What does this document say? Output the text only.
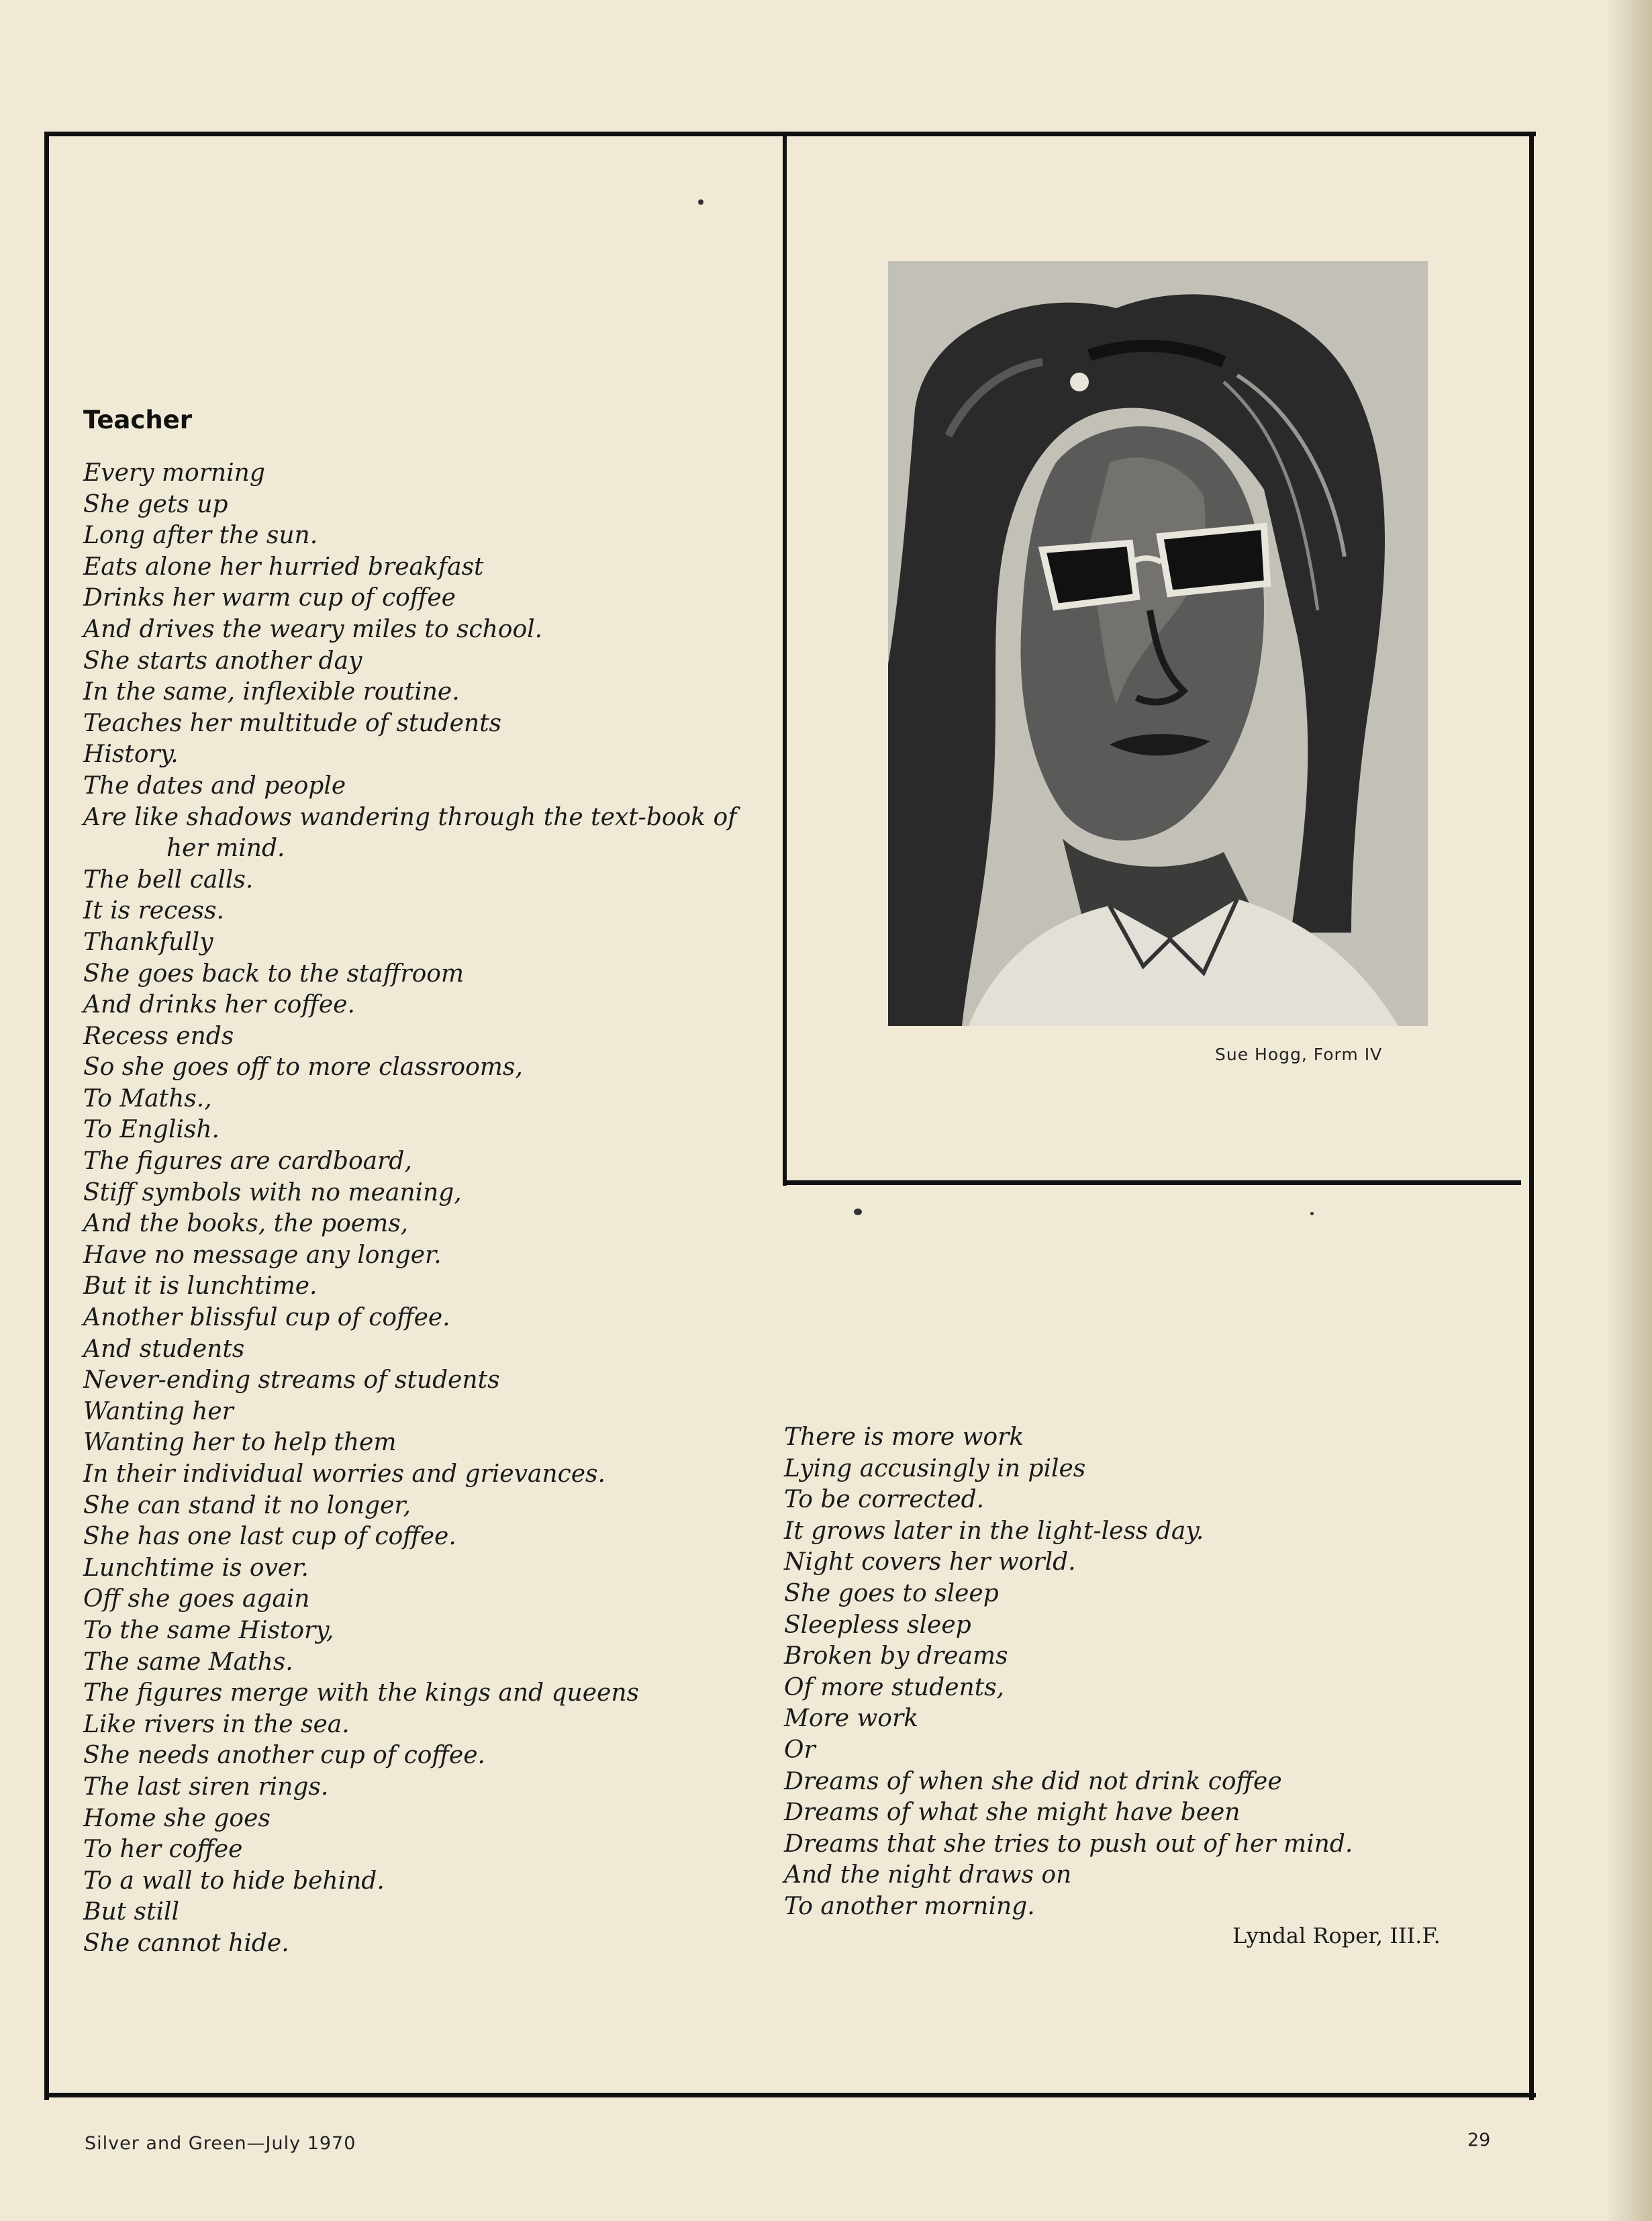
Teacher
Every morning
She gets up
Long after the sun.
Eats alone her hurried breakfast
Drinks her warm cup of coffee
And drives the weary miles to school.
She starts another day
In the same, inflexible routine.
Teaches her multitude of students
History.
The dates and people
Are like shadows wandering through the text-book of
her mind.
The bell calls.
It is recess.
Thankfully
She goes back to the staffroom
And drinks her coffee.
Recess ends
So she goes off to more classrooms,
To Maths.,
To English.
The figures are cardboard,
Stiff symbols with no meaning,
And the books, the poems,
Have no message any longer.
But it is lunchtime.
Another blissful cup of coffee.
And students
Never-ending streams of students
Wanting her
Wanting her to help them
In their individual worries and grievances.
She can stand it no longer,
She has one last cup of coffee.
Lunchtime is over.
Off she goes again
To the same History,
The same Maths.
The figures merge with the kings and queens
Like rivers in the sea.
She needs another cup of coffee.
The last siren rings.
Home she goes
To her coffee
To a wall to hide behind.
But still
She cannot hide.
There is more work
Lying accusingly in piles
To be corrected.
It grows later in the light-less day.
Night covers her world.
She goes to sleep
Sleepless sleep
Broken by dreams
Of more students,
More work
Or
Dreams of when she did not drink coffee
Dreams of what she might have been
Dreams that she tries to push out of her mind.
And the night draws on
To another morning.

Sue Hogg, Form IV

Lyndal Roper, III.F.

Silver and Green—July 1970	29
